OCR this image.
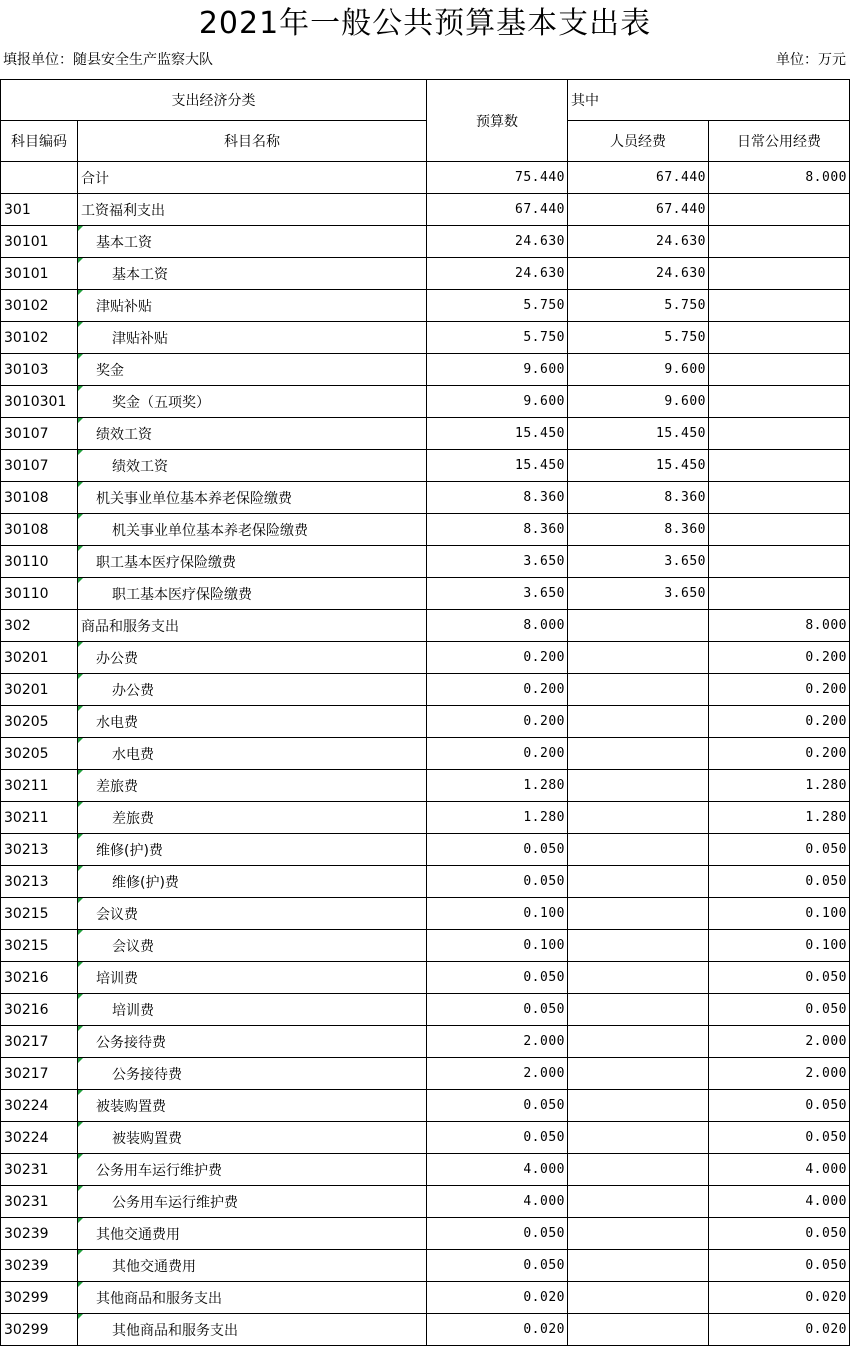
2021年一般公共预算基本支出表
填报单位：随县安全生产监察大队	单位：万元
支出经济分类		预算数	其中	
科目编码	科目名称		人员经费	日常公用经费
	合计	75.440	67.440	8.000
301	工资福利支出	67.440	67.440	
30101	基本工资	24.630	24.630	
30101	基本工资	24.630	24.630	
30102	津贴补贴	5.750	5.750	
30102	津贴补贴	5.750	5.750	
30103	奖金	9.600	9.600	
3010301	奖金（五项奖）	9.600	9.600	
30107	绩效工资	15.450	15.450	
30107	绩效工资	15.450	15.450	
30108	机关事业单位基本养老保险缴费	8.360	8.360	
30108	机关事业单位基本养老保险缴费	8.360	8.360	
30110	职工基本医疗保险缴费	3.650	3.650	
30110	职工基本医疗保险缴费	3.650	3.650	
302	商品和服务支出	8.000		8.000
30201	办公费	0.200		0.200
30201	办公费	0.200		0.200
30205	水电费	0.200		0.200
30205	水电费	0.200		0.200
30211	差旅费	1.280		1.280
30211	差旅费	1.280		1.280
30213	维修(护)费	0.050		0.050
30213	维修(护)费	0.050		0.050
30215	会议费	0.100		0.100
30215	会议费	0.100		0.100
30216	培训费	0.050		0.050
30216	培训费	0.050		0.050
30217	公务接待费	2.000		2.000
30217	公务接待费	2.000		2.000
30224	被装购置费	0.050		0.050
30224	被装购置费	0.050		0.050
30231	公务用车运行维护费	4.000		4.000
30231	公务用车运行维护费	4.000		4.000
30239	其他交通费用	0.050		0.050
30239	其他交通费用	0.050		0.050
30299	其他商品和服务支出	0.020		0.020
30299	其他商品和服务支出	0.020		0.020
